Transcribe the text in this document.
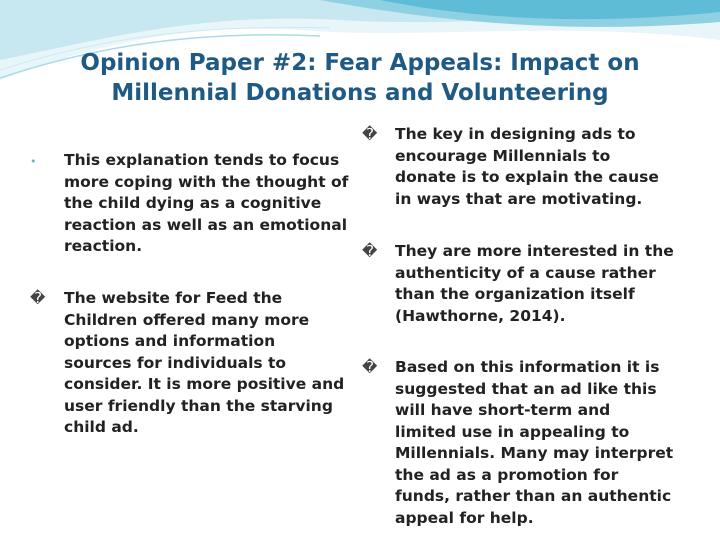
Opinion Paper #2: Fear Appeals: Impact on
Millennial Donations and Volunteering
• This explanation tends to focus more coping with the thought of the child dying as a cognitive reaction as well as an emotional reaction.
� The website for Feed the Children offered many more options and information sources for individuals to consider. It is more positive and user friendly than the starving child ad.
� The key in designing ads to encourage Millennials to donate is to explain the cause in ways that are motivating.
� They are more interested in the authenticity of a cause rather than the organization itself (Hawthorne, 2014).
� Based on this information it is suggested that an ad like this will have short-term and limited use in appealing to Millennials. Many may interpret the ad as a promotion for funds, rather than an authentic appeal for help.
